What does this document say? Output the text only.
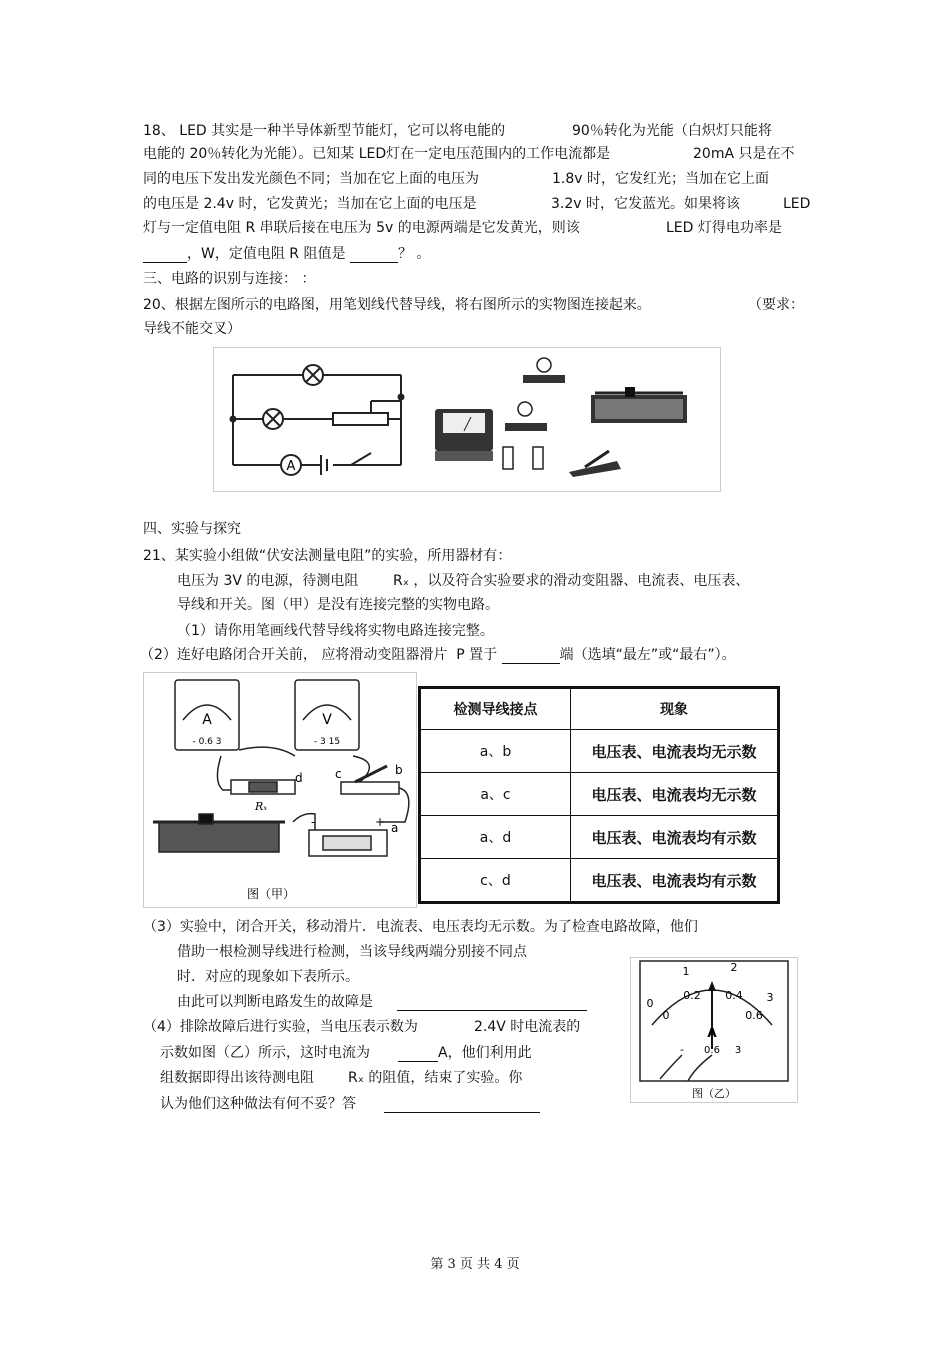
18、 LED 其实是一种半导体新型节能灯，它可以将电能的	90％转化为光能（白炽灯只能将
电能的 20％转化为光能）。已知某 LED灯在一定电压范围内的工作电流都是	20mA 只是在不
同的电压下发出发光颜色不同；当加在它上面的电压为	1.8v 时，它发红光；当加在它上面
的电压是 2.4v 时，它发黄光；当加在它上面的电压是	3.2v 时，它发蓝光。如果将该	LED
灯与一定值电阻 R 串联后接在电压为 5v 的电源两端是它发黄光，则该	LED 灯得电功率是
，W，定值电阻 R 阻值是	？ 。
三、电路的识别与连接： ：
20、根据左图所示的电路图，用笔划线代替导线，将右图所示的实物图连接起来。	（要求：
导线不能交叉）
A
四、实验与探究
21、某实验小组做“伏安法测量电阻”的实验，所用器材有：
电压为 3V 的电源，待测电阻 Rₓ ，以及符合实验要求的滑动变阻器、电流表、电压表、
导线和开关。图（甲）是没有连接完整的实物电路。
（1）请你用笔画线代替导线将实物电路连接完整。
（2）连好电路闭合开关前， 应将滑动变阻器滑片 P 置于	端（选填“最左”或“最右”）。
A	V
- 0.6 3	- 3 15
Rₓ
d	c	b
a
-	+
图（甲）
检测导线接点	现象
a、b	电压表、电流表均无示数
a、c	电压表、电流表均无示数
a、d	电压表、电流表均有示数
c、d	电压表、电流表均有示数
（3）实验中，闭合开关，移动滑片．电流表、电压表均无示数。为了检查电路故障，他们
借助一根检测导线进行检测，当该导线两端分别接不同点
时．对应的现象如下表所示。
由此可以判断电路发生的故障是
（4）排除故障后进行实验，当电压表示数为	2.4V 时电流表的
示数如图（乙）所示，这时电流为	A，他们利用此
组数据即得出该待测电阻 Rₓ 的阻值，结束了实验。你
认为他们这种做法有何不妥？答
0
1	2
3
0
0.2 0.4
0.6
A
- 0.6 3
图（乙）
第 3 页 共 4 页
